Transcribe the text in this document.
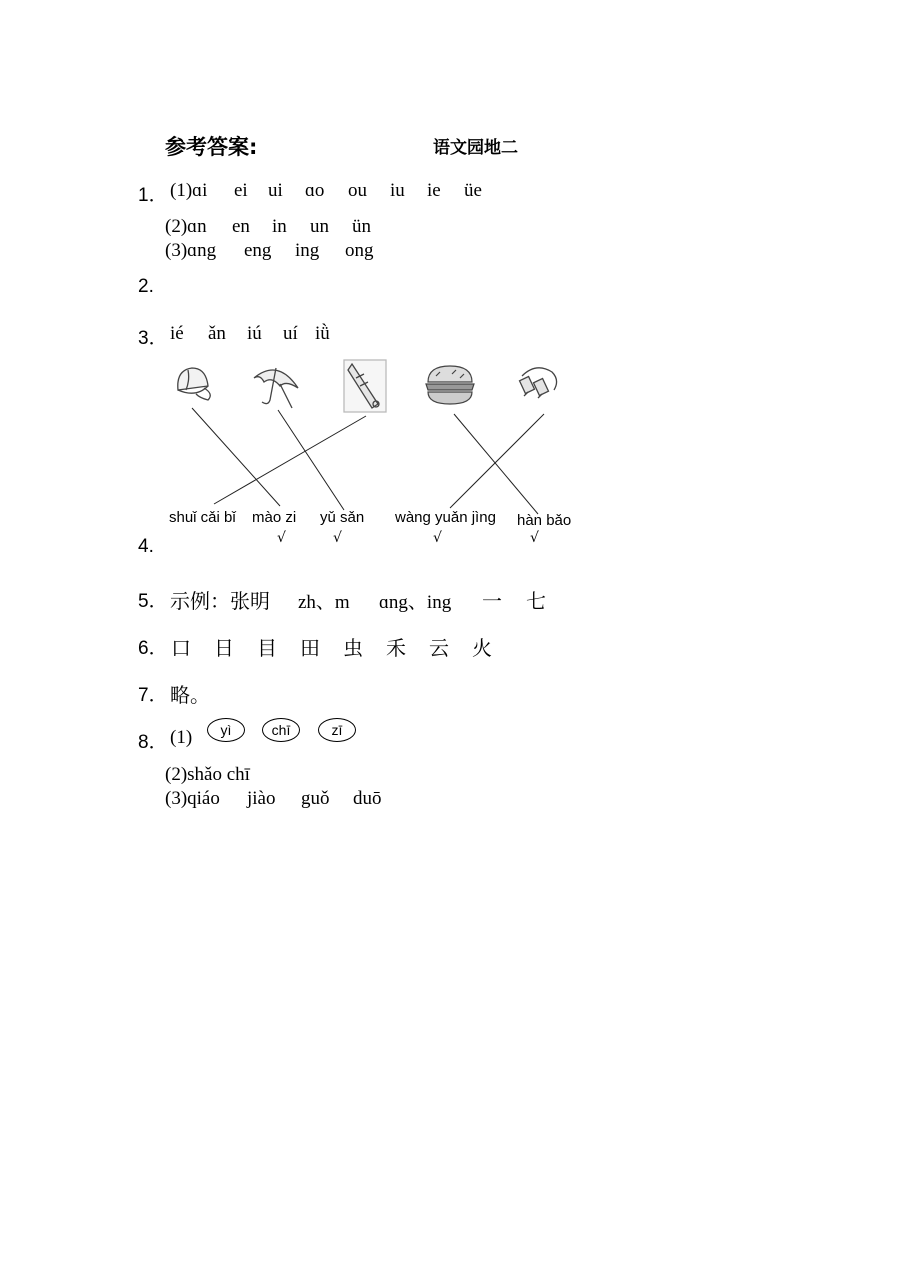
参考答案:	语文园地二
1． (1)ɑi ei ui ɑo ou iu ie üe
(2)ɑn en in un ün
(3)ɑng eng ing ong
2.
3． ié ǎn iú uí iǜ
shuǐ cǎi bǐ mào zi yǔ sǎn wàng yuǎn jìng hàn bǎo
√	√	√	√
4.
5． 示例：张明 zh、m ɑng、ing 一 七
6． 口 日 目 田 虫 禾 云 火
7． 略。
8． (1)	yì	chī	zī
(2)shǎo chī
(3)qiáo jiào guǒ duō
